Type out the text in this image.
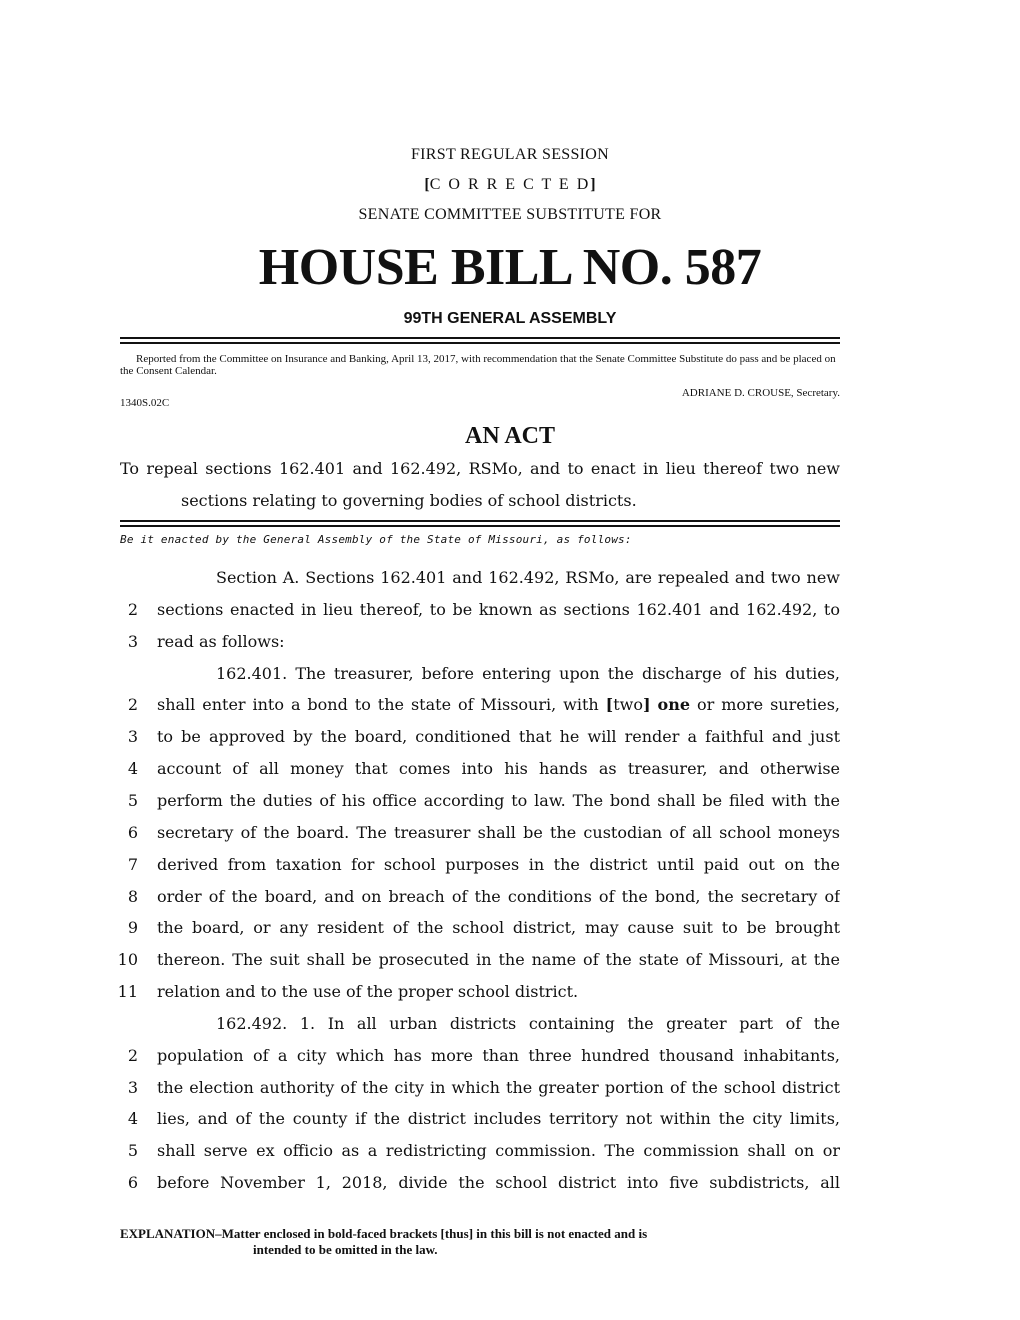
FIRST REGULAR SESSION
[C O R R E C T E D]
SENATE COMMITTEE SUBSTITUTE FOR
HOUSE BILL NO. 587
99TH GENERAL ASSEMBLY
Reported from the Committee on Insurance and Banking, April 13, 2017, with recommendation that the Senate Committee Substitute do pass and be placed on the Consent Calendar.
ADRIANE D. CROUSE, Secretary.
1340S.02C
AN ACT
To repeal sections 162.401 and 162.492, RSMo, and to enact in lieu thereof two new
sections relating to governing bodies of school districts.
Be it enacted by the General Assembly of the State of Missouri, as follows:
Section A. Sections 162.401 and 162.492, RSMo, are repealed and two new
2 sections enacted in lieu thereof, to be known as sections 162.401 and 162.492, to
3 read as follows:
162.401. The treasurer, before entering upon the discharge of his duties,
2 shall enter into a bond to the state of Missouri, with [two] one or more sureties,
3 to be approved by the board, conditioned that he will render a faithful and just
4 account of all money that comes into his hands as treasurer, and otherwise
5 perform the duties of his office according to law. The bond shall be filed with the
6 secretary of the board. The treasurer shall be the custodian of all school moneys
7 derived from taxation for school purposes in the district until paid out on the
8 order of the board, and on breach of the conditions of the bond, the secretary of
9 the board, or any resident of the school district, may cause suit to be brought
10 thereon. The suit shall be prosecuted in the name of the state of Missouri, at the
11 relation and to the use of the proper school district.
162.492. 1. In all urban districts containing the greater part of the
2 population of a city which has more than three hundred thousand inhabitants,
3 the election authority of the city in which the greater portion of the school district
4 lies, and of the county if the district includes territory not within the city limits,
5 shall serve ex officio as a redistricting commission. The commission shall on or
6 before November 1, 2018, divide the school district into five subdistricts, all
EXPLANATION–Matter enclosed in bold-faced brackets [thus] in this bill is not enacted and is
intended to be omitted in the law.
